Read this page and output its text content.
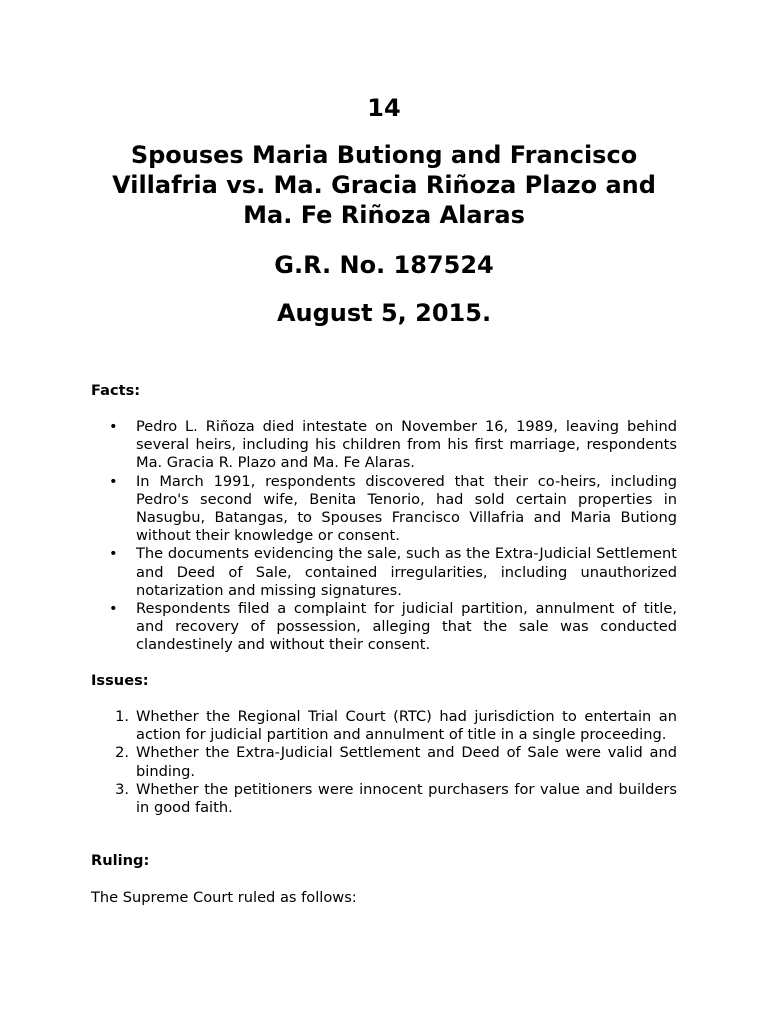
14
Spouses Maria Butiong and Francisco Villafria vs. Ma. Gracia Riñoza Plazo and Ma. Fe Riñoza Alaras
G.R. No. 187524
August 5, 2015.
Facts:
• Pedro L. Riñoza died intestate on November 16, 1989, leaving behind several heirs, including his children from his first marriage, respondents Ma. Gracia R. Plazo and Ma. Fe Alaras.
• In March 1991, respondents discovered that their co-heirs, including Pedro's second wife, Benita Tenorio, had sold certain properties in Nasugbu, Batangas, to Spouses Francisco Villafria and Maria Butiong without their knowledge or consent.
• The documents evidencing the sale, such as the Extra-Judicial Settlement and Deed of Sale, contained irregularities, including unauthorized notarization and missing signatures.
• Respondents filed a complaint for judicial partition, annulment of title, and recovery of possession, alleging that the sale was conducted clandestinely and without their consent.
Issues:
1. Whether the Regional Trial Court (RTC) had jurisdiction to entertain an action for judicial partition and annulment of title in a single proceeding.
2. Whether the Extra-Judicial Settlement and Deed of Sale were valid and binding.
3. Whether the petitioners were innocent purchasers for value and builders in good faith.
Ruling:
The Supreme Court ruled as follows:
